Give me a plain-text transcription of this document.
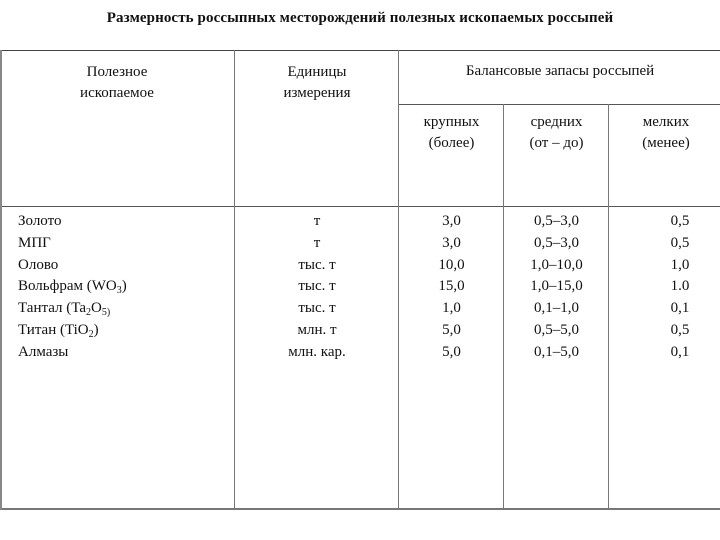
Размерность россыпных месторождений полезных ископаемых россыпей
Полезное
ископаемое
Единицы
измерения
Балансовые запасы россыпей
крупных
(более)
средних
(от – до)
мелких
(менее)
Золото
МПГ
Олово
Вольфрам $(WO_3)$
Тантал ($Ta_2O_{5)}$
Титан (TiO$_2$)
Алмазы
т
т
тыс. т
тыс. т
тыс. т
млн. т
млн. кар.
3,0
3,0
10,0
15,0
1,0
5,0
5,0
0,5–3,0
0,5–3,0
1,0–10,0
1,0–15,0
0,1–1,0
0,5–5,0
0,1–5,0
0,5
0,5
1,0
1.0
0,1
0,5
0,1
